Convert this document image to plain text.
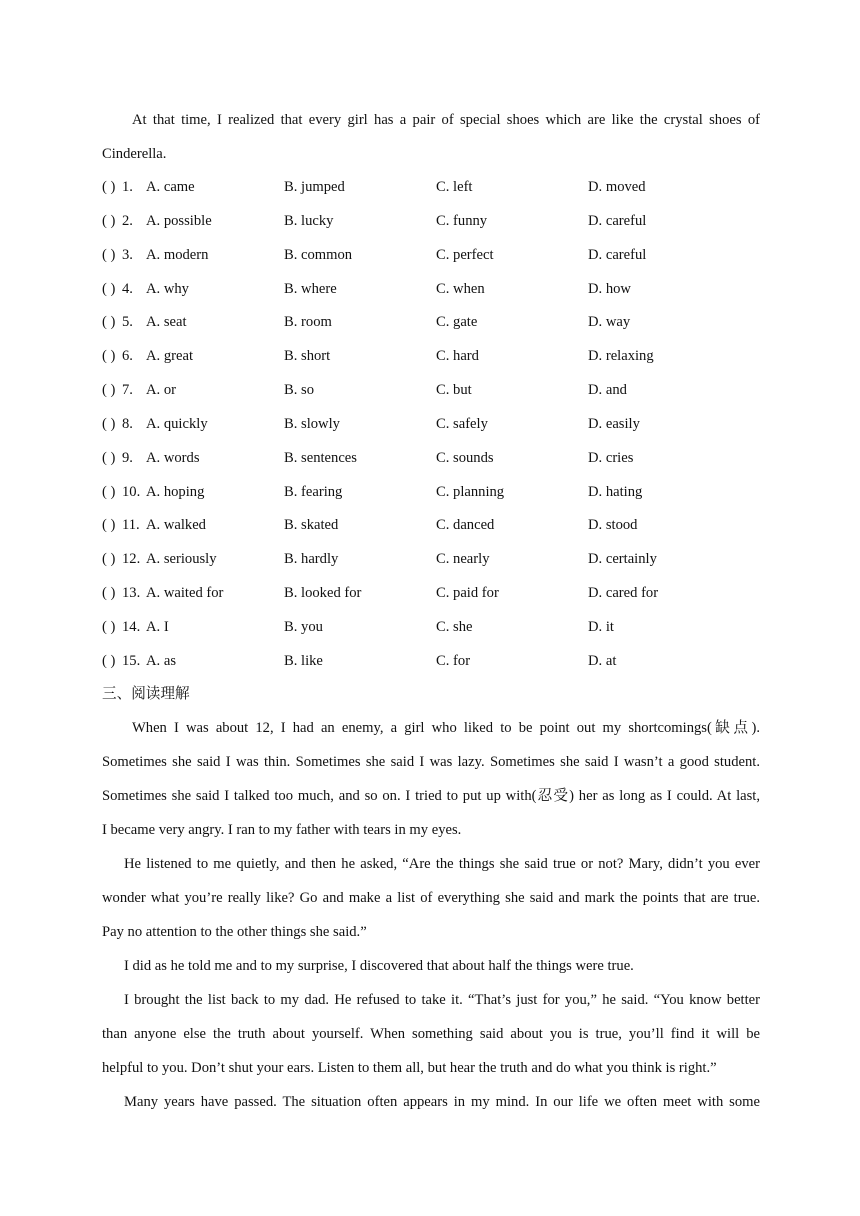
At that time, I realized that every girl has a pair of special shoes which are like the crystal shoes of

Cinderella.

( ) 1. A. came	B. jumped	C. left	D. moved
( ) 2. A. possible	B. lucky	C. funny	D. careful
( ) 3. A. modern	B. common	C. perfect	D. careful
( ) 4. A. why	B. where	C. when	D. how
( ) 5. A. seat	B. room	C. gate	D. way
( ) 6. A. great	B. short	C. hard	D. relaxing
( ) 7. A. or	B. so	C. but	D. and
( ) 8. A. quickly	B. slowly	C. safely	D. easily
( ) 9. A. words	B. sentences	C. sounds	D. cries
( ) 10. A. hoping	B. fearing	C. planning	D. hating
( ) 11. A. walked	B. skated	C. danced	D. stood
( ) 12. A. seriously	B. hardly	C. nearly	D. certainly
( ) 13. A. waited for	B. looked for	C. paid for	D. cared for
( ) 14. A. I	B. you	C. she	D. it
( ) 15. A. as	B. like	C. for	D. at
三、阅读理解

When I was about 12, I had an enemy, a girl who liked to be point out my shortcomings(缺点).

Sometimes she said I was thin. Sometimes she said I was lazy. Sometimes she said I wasn’t a good student.

Sometimes she said I talked too much, and so on. I tried to put up with(忍受) her as long as I could. At last,

I became very angry. I ran to my father with tears in my eyes.

He listened to me quietly, and then he asked, “Are the things she said true or not? Mary, didn’t you ever

wonder what you’re really like? Go and make a list of everything she said and mark the points that are true.

Pay no attention to the other things she said.”

I did as he told me and to my surprise, I discovered that about half the things were true.

I brought the list back to my dad. He refused to take it. “That’s just for you,” he said. “You know better

than anyone else the truth about yourself. When something said about you is true, you’ll find it will be

helpful to you. Don’t shut your ears. Listen to them all, but hear the truth and do what you think is right.”

Many years have passed. The situation often appears in my mind. In our life we often meet with some
